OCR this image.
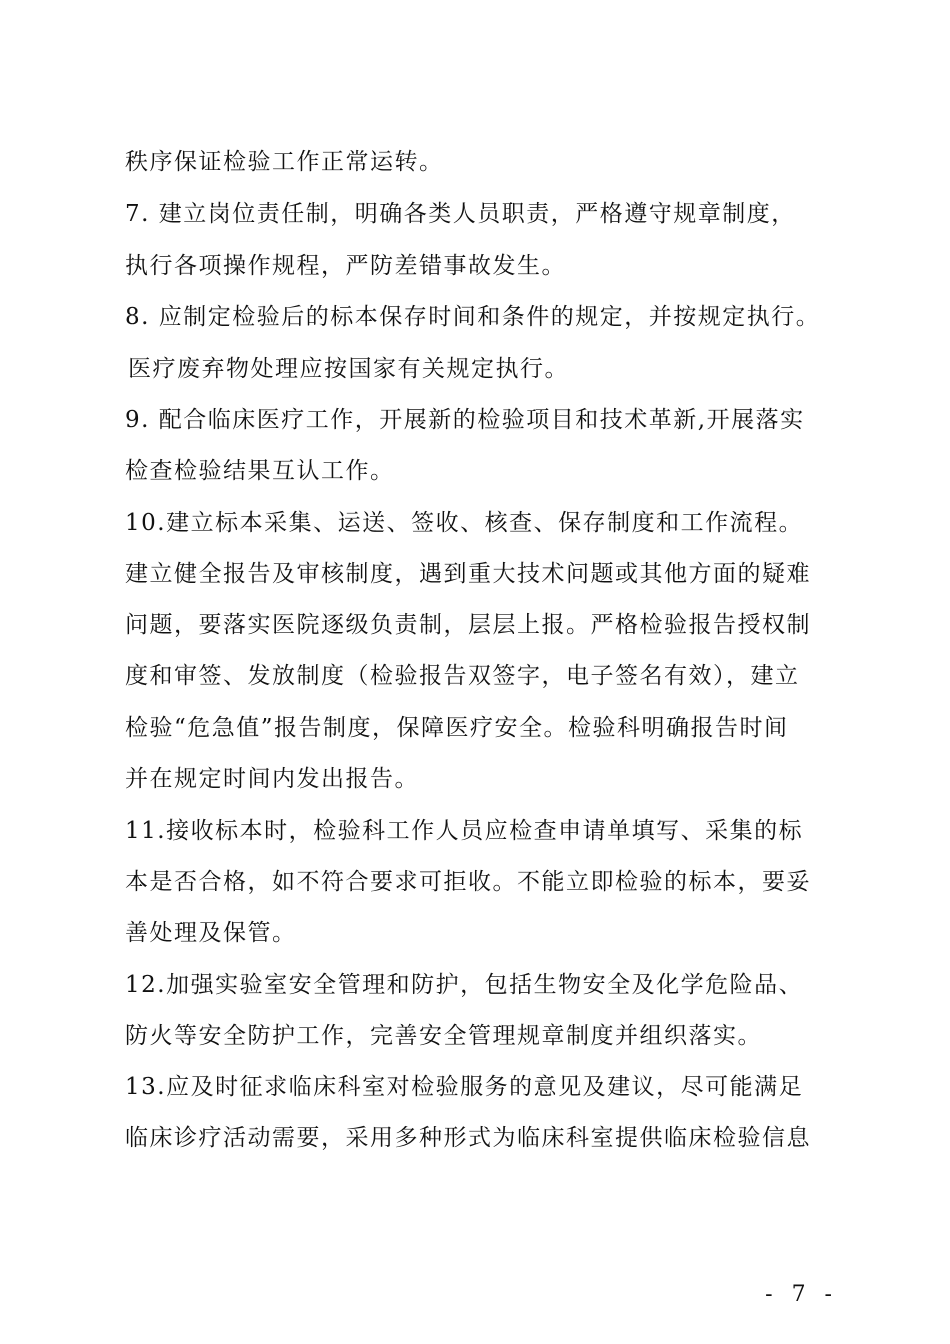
秩序保证检验工作正常运转。
7. 建立岗位责任制，明确各类人员职责，严格遵守规章制度，
执行各项操作规程，严防差错事故发生。
8. 应制定检验后的标本保存时间和条件的规定，并按规定执行。
医疗废弃物处理应按国家有关规定执行。
9. 配合临床医疗工作，开展新的检验项目和技术革新,开展落实
检查检验结果互认工作。
10.建立标本采集、运送、签收、核查、保存制度和工作流程。
建立健全报告及审核制度，遇到重大技术问题或其他方面的疑难
问题，要落实医院逐级负责制，层层上报。严格检验报告授权制
度和审签、发放制度（检验报告双签字，电子签名有效），建立
检验“危急值”报告制度，保障医疗安全。检验科明确报告时间
并在规定时间内发出报告。
11.接收标本时，检验科工作人员应检查申请单填写、采集的标
本是否合格，如不符合要求可拒收。不能立即检验的标本，要妥
善处理及保管。
12.加强实验室安全管理和防护，包括生物安全及化学危险品、
防火等安全防护工作，完善安全管理规章制度并组织落实。
13.应及时征求临床科室对检验服务的意见及建议，尽可能满足
临床诊疗活动需要，采用多种形式为临床科室提供临床检验信息
- 7 -
